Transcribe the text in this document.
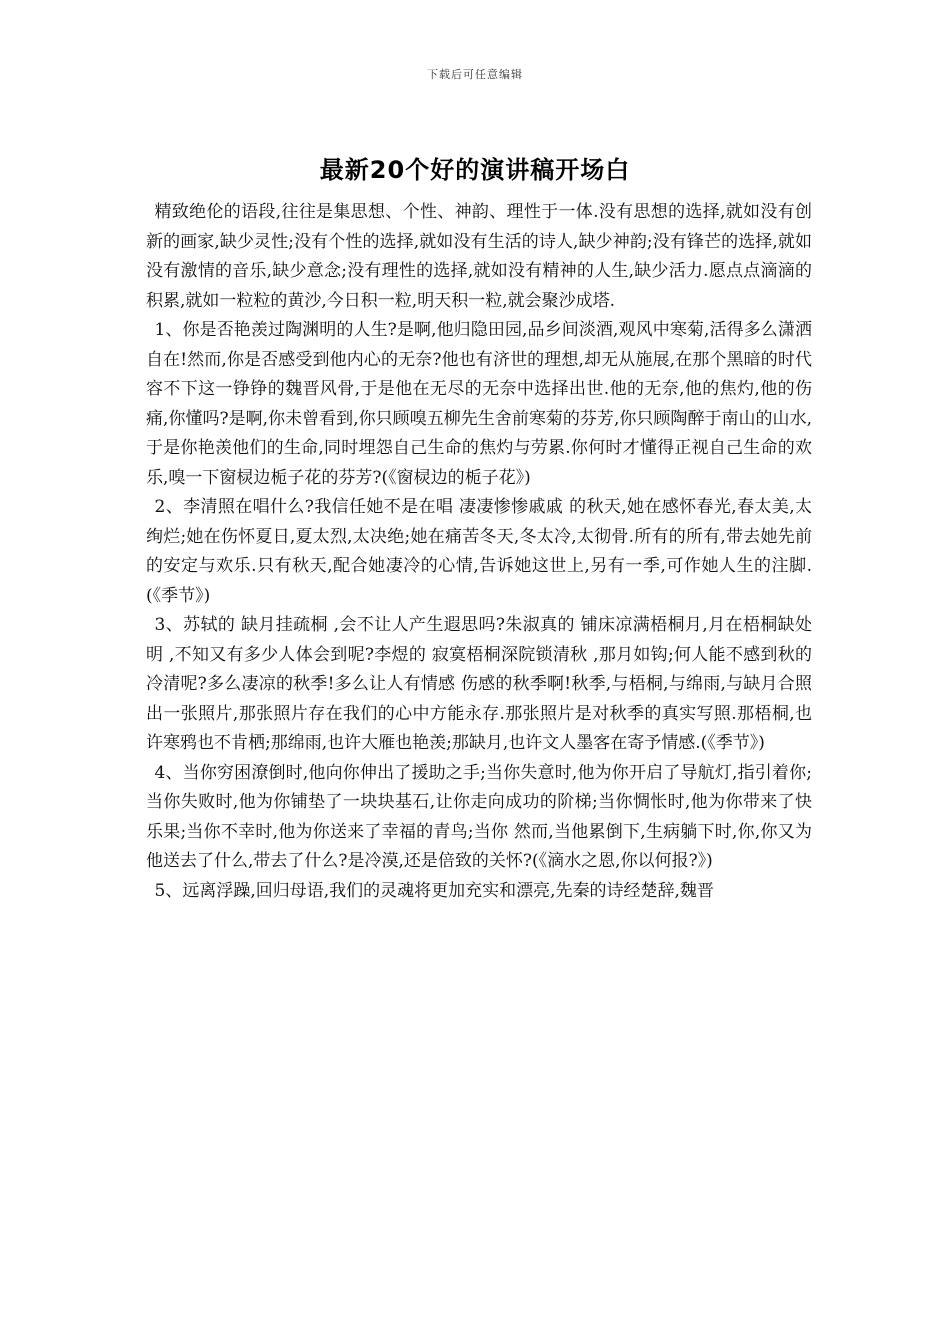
下载后可任意编辑
最新20个好的演讲稿开场白

精致绝伦的语段,往往是集思想、个性、神韵、理性于一体.没有思想的选择,就如没有创新的画家,缺少灵性;没有个性的选择,就如没有生活的诗人,缺少神韵;没有锋芒的选择,就如没有激情的音乐,缺少意念;没有理性的选择,就如没有精神的人生,缺少活力.愿点点滴滴的积累,就如一粒粒的黄沙,今日积一粒,明天积一粒,就会聚沙成塔.

1、你是否艳羡过陶渊明的人生?是啊,他归隐田园,品乡间淡酒,观风中寒菊,活得多么潇洒自在!然而,你是否感受到他内心的无奈?他也有济世的理想,却无从施展,在那个黑暗的时代容不下这一铮铮的魏晋风骨,于是他在无尽的无奈中选择出世.他的无奈,他的焦灼,他的伤痛,你懂吗?是啊,你未曾看到,你只顾嗅五柳先生舍前寒菊的芬芳,你只顾陶醉于南山的山水,于是你艳羡他们的生命,同时埋怨自己生命的焦灼与劳累.你何时才懂得正视自己生命的欢乐,嗅一下窗棂边栀子花的芬芳?(《窗棂边的栀子花》)

2、李清照在唱什么?我信任她不是在唱 凄凄惨惨戚戚 的秋天,她在感怀春光,春太美,太绚烂;她在伤怀夏日,夏太烈,太决绝;她在痛苦冬天,冬太冷,太彻骨.所有的所有,带去她先前的安定与欢乐.只有秋天,配合她凄冷的心情,告诉她这世上,另有一季,可作她人生的注脚.(《季节》)

3、苏轼的 缺月挂疏桐 ,会不让人产生遐思吗?朱淑真的 铺床凉满梧桐月,月在梧桐缺处明 ,不知又有多少人体会到呢?李煜的 寂寞梧桐深院锁清秋 ,那月如钩;何人能不感到秋的冷清呢?多么凄凉的秋季!多么让人有情感 伤感的秋季啊!秋季,与梧桐,与绵雨,与缺月合照出一张照片,那张照片存在我们的心中方能永存.那张照片是对秋季的真实写照.那梧桐,也许寒鸦也不肯栖;那绵雨,也许大雁也艳羡;那缺月,也许文人墨客在寄予情感.(《季节》)

4、当你穷困潦倒时,他向你伸出了援助之手;当你失意时,他为你开启了导航灯,指引着你;当你失败时,他为你铺垫了一块块基石,让你走向成功的阶梯;当你惆怅时,他为你带来了快乐果;当你不幸时,他为你送来了幸福的青鸟;当你 然而,当他累倒下,生病躺下时,你,你又为他送去了什么,带去了什么?是冷漠,还是倍致的关怀?(《滴水之恩,你以何报?》)

5、远离浮躁,回归母语,我们的灵魂将更加充实和漂亮,先秦的诗经楚辞,魏晋
